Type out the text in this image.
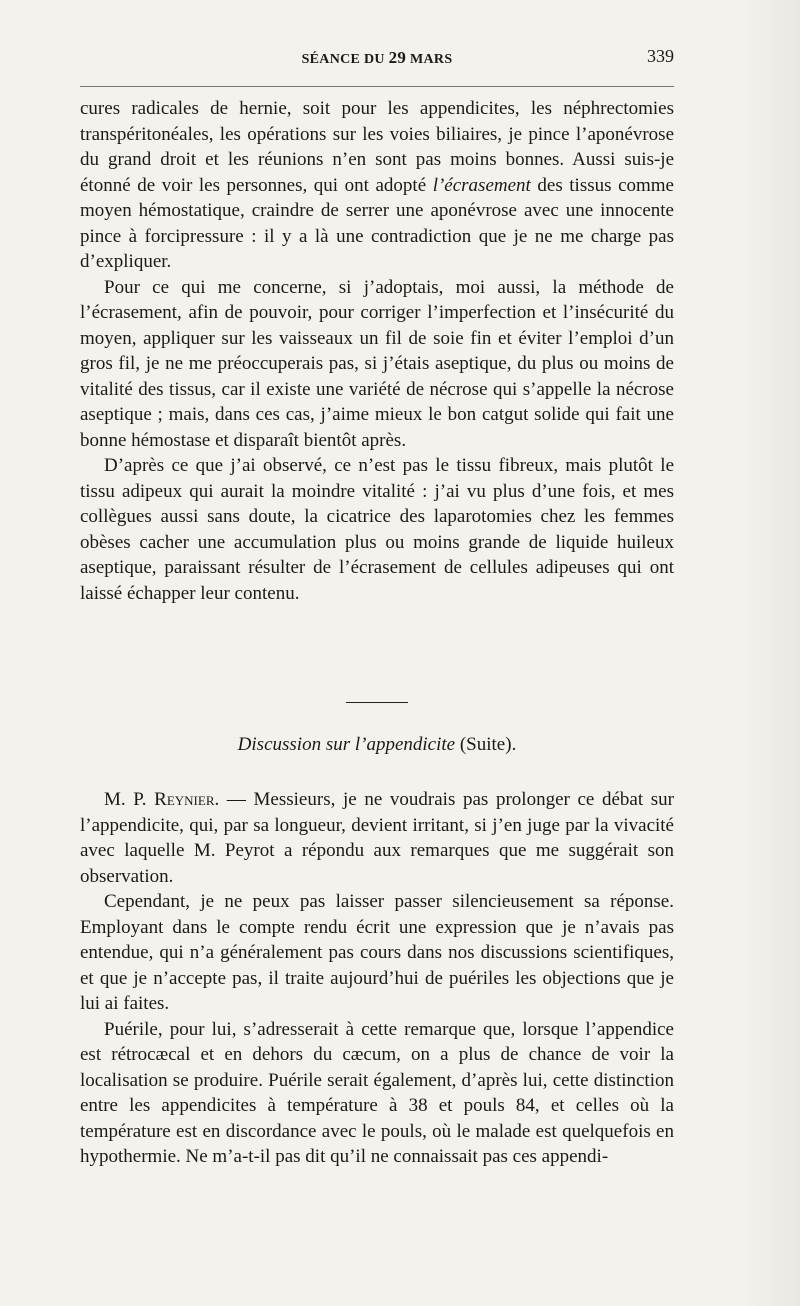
SÉANCE DU 29 MARS	339

cures radicales de hernie, soit pour les appendicites, les néphrectomies transpéritonéales, les opérations sur les voies biliaires, je pince l’aponévrose du grand droit et les réunions n’en sont pas moins bonnes. Aussi suis-je étonné de voir les personnes, qui ont adopté l’écrasement des tissus comme moyen hémostatique, craindre de serrer une aponévrose avec une innocente pince à forcipressure : il y a là une contradiction que je ne me charge pas d’expliquer.

Pour ce qui me concerne, si j’adoptais, moi aussi, la méthode de l’écrasement, afin de pouvoir, pour corriger l’imperfection et l’insécurité du moyen, appliquer sur les vaisseaux un fil de soie fin et éviter l’emploi d’un gros fil, je ne me préoccuperais pas, si j’étais aseptique, du plus ou moins de vitalité des tissus, car il existe une variété de nécrose qui s’appelle la nécrose aseptique ; mais, dans ces cas, j’aime mieux le bon catgut solide qui fait une bonne hémostase et disparaît bientôt après.

D’après ce que j’ai observé, ce n’est pas le tissu fibreux, mais plutôt le tissu adipeux qui aurait la moindre vitalité : j’ai vu plus d’une fois, et mes collègues aussi sans doute, la cicatrice des laparotomies chez les femmes obèses cacher une accumulation plus ou moins grande de liquide huileux aseptique, paraissant résulter de l’écrasement de cellules adipeuses qui ont laissé échapper leur contenu.

Discussion sur l’appendicite (Suite).

M. P. Reynier. — Messieurs, je ne voudrais pas prolonger ce débat sur l’appendicite, qui, par sa longueur, devient irritant, si j’en juge par la vivacité avec laquelle M. Peyrot a répondu aux remarques que me suggérait son observation.

Cependant, je ne peux pas laisser passer silencieusement sa réponse. Employant dans le compte rendu écrit une expression que je n’avais pas entendue, qui n’a généralement pas cours dans nos discussions scientifiques, et que je n’accepte pas, il traite aujourd’hui de puériles les objections que je lui ai faites.

Puérile, pour lui, s’adresserait à cette remarque que, lorsque l’appendice est rétrocæcal et en dehors du cæcum, on a plus de chance de voir la localisation se produire. Puérile serait également, d’après lui, cette distinction entre les appendicites à température à 38 et pouls 84, et celles où la température est en discordance avec le pouls, où le malade est quelquefois en hypothermie. Ne m’a-t-il pas dit qu’il ne connaissait pas ces appendi-
